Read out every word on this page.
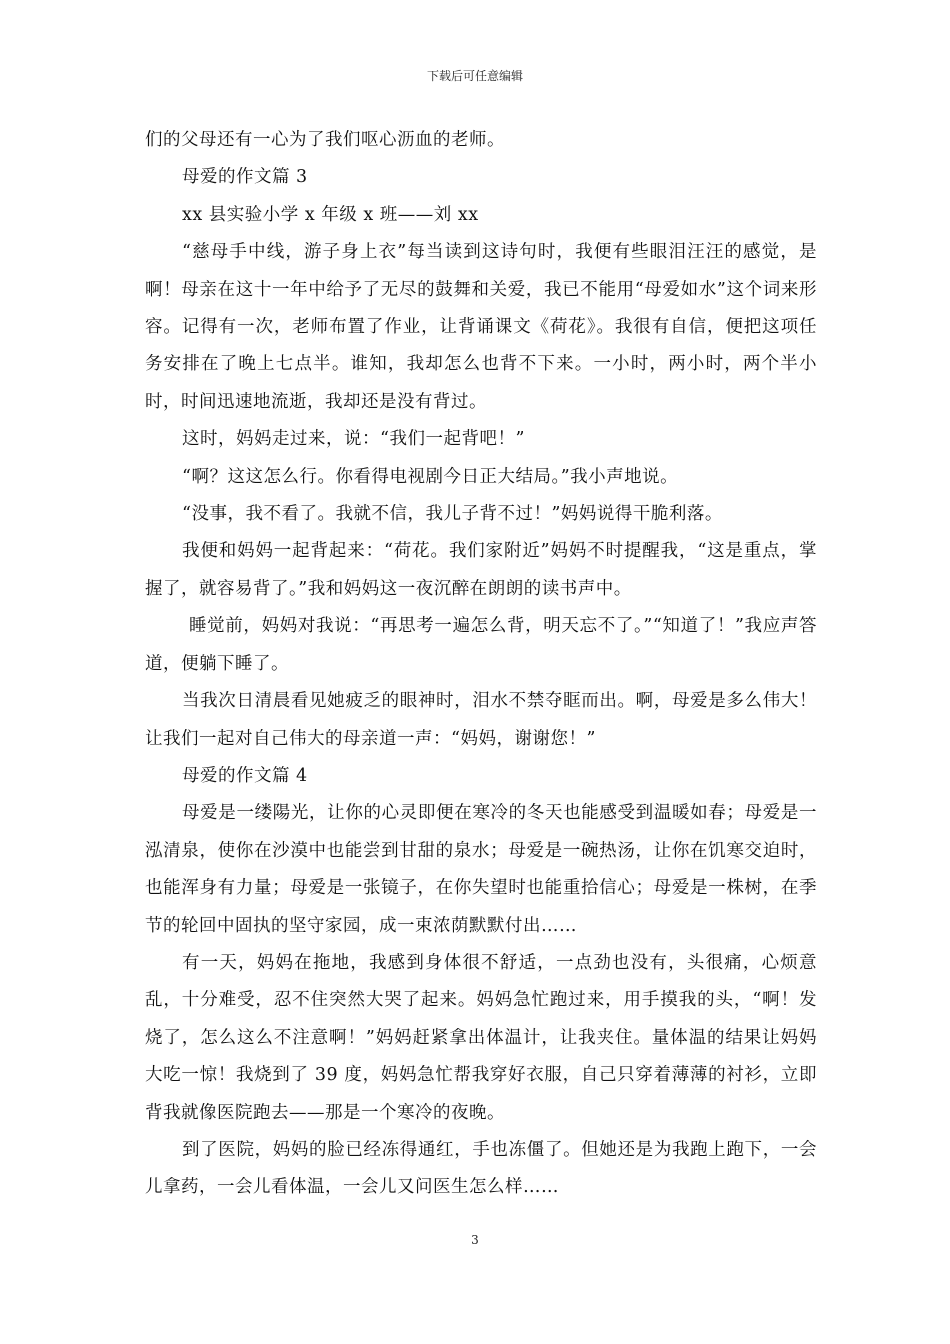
下载后可任意编辑

们的父母还有一心为了我们呕心沥血的老师。

母爱的作文篇 3

xx 县实验小学 x 年级 x 班——刘 xx

“慈母手中线，游子身上衣”每当读到这诗句时，我便有些眼泪汪汪的感觉，是啊！母亲在这十一年中给予了无尽的鼓舞和关爱，我已不能用“母爱如水”这个词来形容。记得有一次，老师布置了作业，让背诵课文《荷花》。我很有自信，便把这项任务安排在了晚上七点半。谁知，我却怎么也背不下来。一小时，两小时，两个半小时，时间迅速地流逝，我却还是没有背过。

这时，妈妈走过来，说：“我们一起背吧！”

“啊？这这怎么行。你看得电视剧今日正大结局。”我小声地说。

“没事，我不看了。我就不信，我儿子背不过！”妈妈说得干脆利落。

我便和妈妈一起背起来：“荷花。我们家附近”妈妈不时提醒我，“这是重点，掌握了，就容易背了。”我和妈妈这一夜沉醉在朗朗的读书声中。

睡觉前，妈妈对我说：“再思考一遍怎么背，明天忘不了。”“知道了！”我应声答道，便躺下睡了。

当我次日清晨看见她疲乏的眼神时，泪水不禁夺眶而出。啊，母爱是多么伟大！让我们一起对自己伟大的母亲道一声：“妈妈，谢谢您！”

母爱的作文篇 4

母爱是一缕陽光，让你的心灵即便在寒冷的冬天也能感受到温暖如春；母爱是一泓清泉，使你在沙漠中也能尝到甘甜的泉水；母爱是一碗热汤，让你在饥寒交迫时，也能浑身有力量；母爱是一张镜子，在你失望时也能重拾信心；母爱是一株树，在季节的轮回中固执的坚守家园，成一束浓荫默默付出……

有一天，妈妈在拖地，我感到身体很不舒适，一点劲也没有，头很痛，心烦意乱，十分难受，忍不住突然大哭了起来。妈妈急忙跑过来，用手摸我的头，“啊！发烧了，怎么这么不注意啊！”妈妈赶紧拿出体温计，让我夹住。量体温的结果让妈妈大吃一惊！我烧到了 39 度，妈妈急忙帮我穿好衣服，自己只穿着薄薄的衬衫，立即背我就像医院跑去——那是一个寒冷的夜晚。

到了医院，妈妈的脸已经冻得通红，手也冻僵了。但她还是为我跑上跑下，一会儿拿药，一会儿看体温，一会儿又问医生怎么样……

3
